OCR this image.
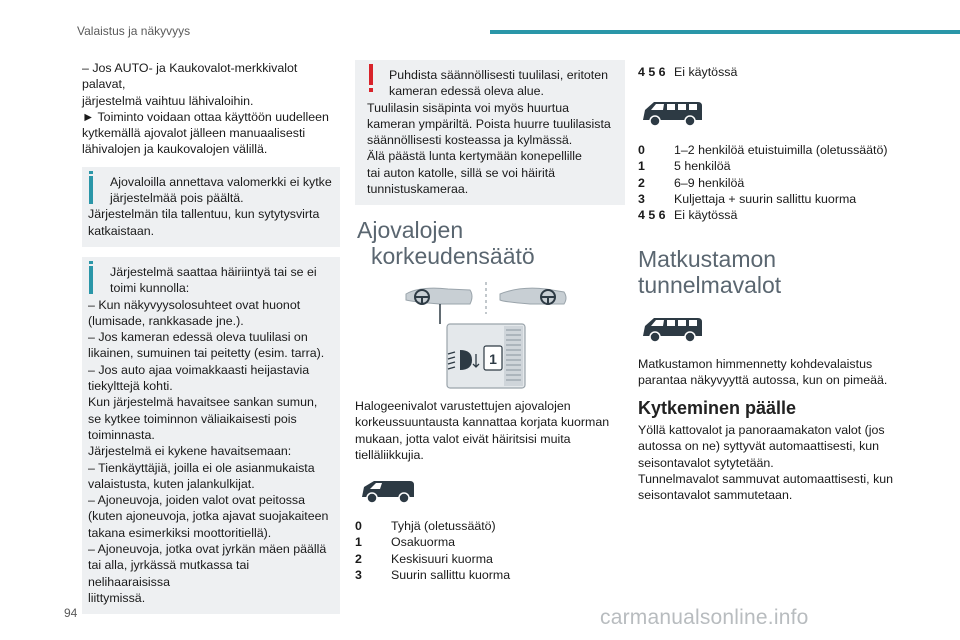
Valaistus ja näkyvyys

– Jos AUTO- ja Kaukovalot-merkkivalot palavat,

järjestelmä vaihtuu lähivaloihin.

► Toiminto voidaan ottaa käyttöön uudelleen

kytkemällä ajovalot jälleen manuaalisesti

lähivalojen ja kaukovalojen välillä.

Ajovaloilla annettava valomerkki ei kytke

järjestelmää pois päältä.

Järjestelmän tila tallentuu, kun sytytysvirta

katkaistaan.

Järjestelmä saattaa häiriintyä tai se ei

toimi kunnolla:

– Kun näkyvyysolosuhteet ovat huonot

(lumisade, rankkasade jne.).

– Jos kameran edessä oleva tuulilasi on

likainen, sumuinen tai peitetty (esim. tarra).

– Jos auto ajaa voimakkaasti heijastavia

tiekylttejä kohti.

Kun järjestelmä havaitsee sankan sumun,

se kytkee toiminnon väliaikaisesti pois

toiminnasta.

Järjestelmä ei kykene havaitsemaan:

– Tienkäyttäjiä, joilla ei ole asianmukaista

valaistusta, kuten jalankulkijat.

– Ajoneuvoja, joiden valot ovat peitossa

(kuten ajoneuvoja, jotka ajavat suojakaiteen

takana esimerkiksi moottoritiellä).

– Ajoneuvoja, jotka ovat jyrkän mäen päällä

tai alla, jyrkässä mutkassa tai nelihaaraisissa

liittymissä.

Puhdista säännöllisesti tuulilasi, eritoten

kameran edessä oleva alue.

Tuulilasin sisäpinta voi myös huurtua

kameran ympäriltä. Poista huurre tuulilasista

säännöllisesti kosteassa ja kylmässä.

Älä päästä lunta kertymään konepellille

tai auton katolle, sillä se voi häiritä

tunnistuskameraa.

Ajovalojen

korkeudensäätö

1

Halogeenivalot varustettujen ajovalojen

korkeussuuntausta kannattaa korjata kuorman

mukaan, jotta valot eivät häiritsisi muita

tielläliikkujia.

0	Tyhjä (oletussäätö)
1	Osakuorma
2	Keskisuuri kuorma
3	Suurin sallittu kuorma
4 5 6 Ei käytössä
0	1–2 henkilöä etuistuimilla (oletussäätö)
1	5 henkilöä
2	6–9 henkilöä
3	Kuljettaja + suurin sallittu kuorma
4 5 6 Ei käytössä

Matkustamon

tunnelmavalot

Matkustamon himmennetty kohdevalaistus

parantaa näkyvyyttä autossa, kun on pimeää.

Kytkeminen päälle

Yöllä kattovalot ja panoraamakaton valot (jos

autossa on ne) syttyvät automaattisesti, kun

seisontavalot sytytetään.

Tunnelmavalot sammuvat automaattisesti, kun

seisontavalot sammutetaan.

94	carmanualsonline.info
